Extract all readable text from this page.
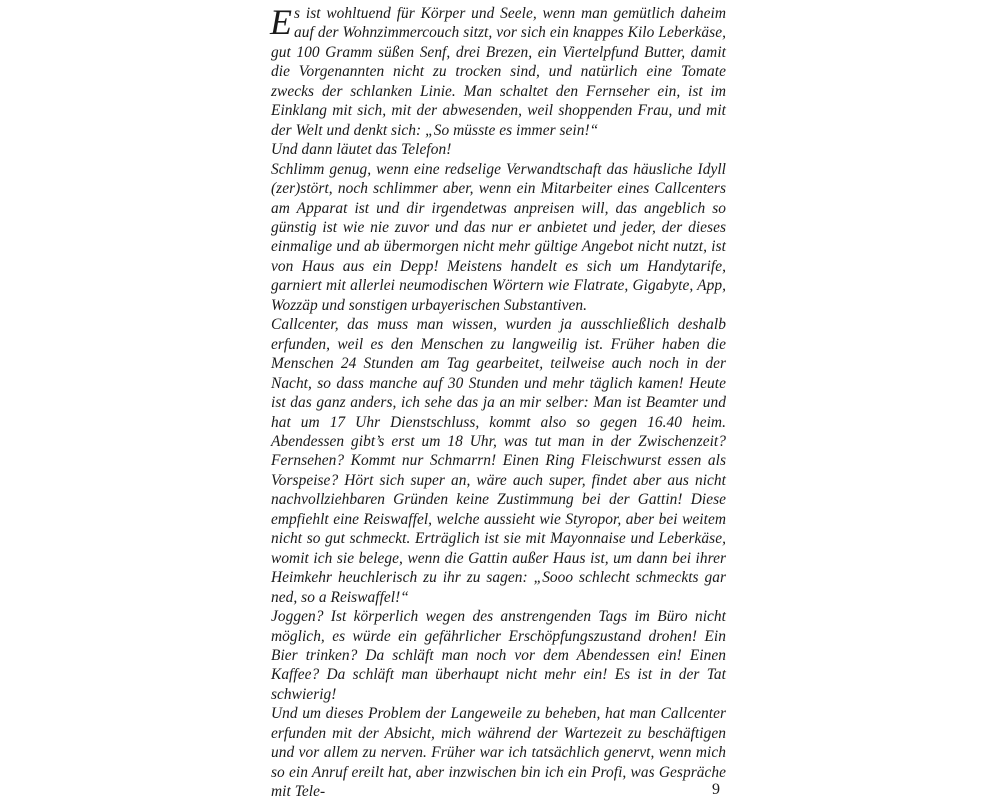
Es ist wohltuend für Körper und Seele, wenn man gemütlich daheim auf der Wohnzimmercouch sitzt, vor sich ein knappes Kilo Leberkäse, gut 100 Gramm süßen Senf, drei Brezen, ein Viertelpfund Butter, damit die Vorgenannten nicht zu trocken sind, und natürlich eine Tomate zwecks der schlanken Linie. Man schaltet den Fernseher ein, ist im Einklang mit sich, mit der abwesenden, weil shoppenden Frau, und mit der Welt und denkt sich: „So müsste es immer sein!“

Und dann läutet das Telefon!

Schlimm genug, wenn eine redselige Verwandtschaft das häusliche Idyll (zer)stört, noch schlimmer aber, wenn ein Mitarbeiter eines Callcenters am Apparat ist und dir irgendetwas anpreisen will, das angeblich so günstig ist wie nie zuvor und das nur er anbietet und jeder, der dieses einmalige und ab übermorgen nicht mehr gültige Angebot nicht nutzt, ist von Haus aus ein Depp! Meistens handelt es sich um Handytarife, garniert mit allerlei neumodischen Wörtern wie Flatrate, Gigabyte, App, Wozzäp und sonstigen urbayerischen Substantiven.

Callcenter, das muss man wissen, wurden ja ausschließlich deshalb erfunden, weil es den Menschen zu langweilig ist. Früher haben die Menschen 24 Stunden am Tag gearbeitet, teilweise auch noch in der Nacht, so dass manche auf 30 Stunden und mehr täglich kamen! Heute ist das ganz anders, ich sehe das ja an mir selber: Man ist Beamter und hat um 17 Uhr Dienstschluss, kommt also so gegen 16.40 heim. Abendessen gibt’s erst um 18 Uhr, was tut man in der Zwischenzeit? Fernsehen? Kommt nur Schmarrn! Einen Ring Fleischwurst essen als Vorspeise? Hört sich super an, wäre auch super, findet aber aus nicht nachvollziehbaren Gründen keine Zustimmung bei der Gattin! Diese empfiehlt eine Reiswaffel, welche aussieht wie Styropor, aber bei weitem nicht so gut schmeckt. Erträglich ist sie mit Mayonnaise und Leberkäse, womit ich sie belege, wenn die Gattin außer Haus ist, um dann bei ihrer Heimkehr heuchlerisch zu ihr zu sagen: „Sooo schlecht schmeckts gar ned, so a Reiswaffel!“

Joggen? Ist körperlich wegen des anstrengenden Tags im Büro nicht möglich, es würde ein gefährlicher Erschöpfungszustand drohen! Ein Bier trinken? Da schläft man noch vor dem Abendessen ein! Einen Kaffee? Da schläft man überhaupt nicht mehr ein! Es ist in der Tat schwierig!

Und um dieses Problem der Langeweile zu beheben, hat man Callcenter erfunden mit der Absicht, mich während der Wartezeit zu beschäftigen und vor allem zu nerven. Früher war ich tatsächlich genervt, wenn mich so ein Anruf ereilt hat, aber inzwischen bin ich ein Profi, was Gespräche mit Tele-	9
